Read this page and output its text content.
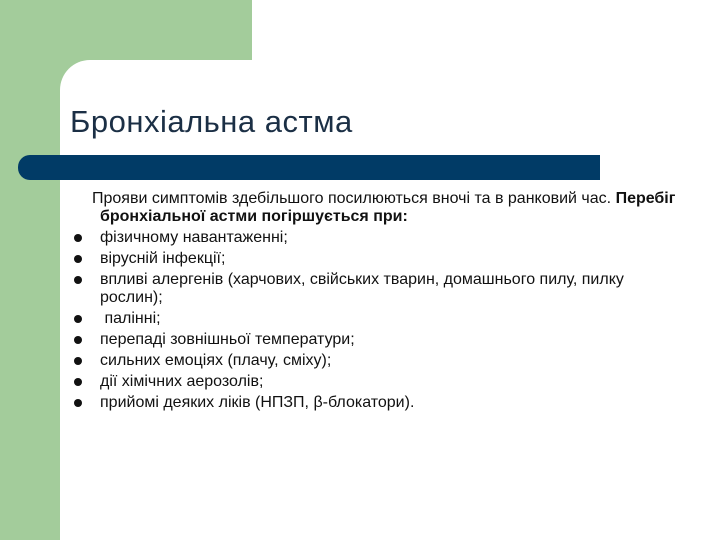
Бронхіальна астма

Прояви симптомів здебільшого посилюються вночі та в ранковий час. Перебіг бронхіальної астми погіршується при:

фізичному навантаженні;
вірусній інфекції;
впливі алергенів (харчових, свійських тварин, домашнього пилу, пилку рослин);
палінні;
перепаді зовнішньої температури;
сильних емоціях (плачу, сміху);
дії хімічних аерозолів;
прийомі деяких ліків (НПЗП, β-блокатори).
